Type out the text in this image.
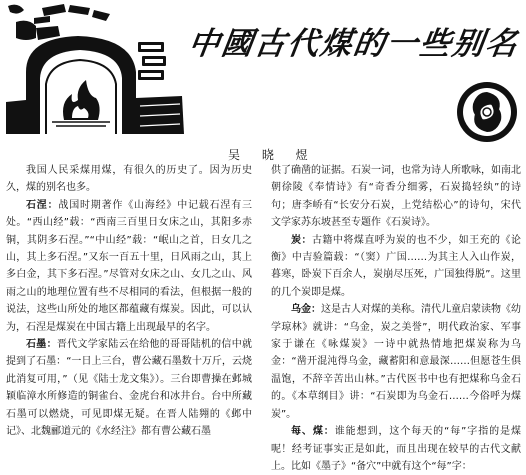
中國古代煤的一些别名
吴 晓 煜

我国人民采煤用煤，有很久的历史了。因为历史久，煤的别名也多。

石涅：战国时期著作《山海经》中记载石涅有三处。“西山经”载：“西南三百里日女床之山，其阳多赤铜，其阴多石涅。”“中山经”载：“岷山之首，日女几之山，其上多石涅。”又东一百五十里，日风雨之山，其上多白金，其下多石涅。”尽管对女床之山、女几之山、风雨之山的地理位置有些不尽相同的看法，但根据一般的说法，这些山所处的地区都蕴藏有煤炭。因此，可以认为，石涅是煤炭在中国古籍上出现最早的名字。

石墨：晋代文学家陆云在给他的哥哥陆机的信中就提到了石墨：“一日上三台，曹公藏石墨数十万斤，云烧此消复可用，”（见《陆士龙文集》）。三台即曹操在邺城颖临漳水所修造的铜雀台、金虎台和冰井台。台中所藏石墨可以燃烧，可见即煤无疑。在晋人陆翙的《邺中记》、北魏郦道元的《水经注》都有曹公藏石墨

供了确凿的证据。石炭一词，也常为诗人所歌咏，如南北朝徐陵《奉情诗》有“奇香分细雾，石炭捣轻纨”的诗句；唐李峤有“长安分石炭，上党结松心”的诗句，宋代文学家苏东坡甚至专题作《石炭诗》。

炭：古籍中将煤直呼为炭的也不少，如王充的《论衡》中吉验篇载：“（窦）广国……为其主人入山作炭，暮寒，卧炭下百余人，炭崩尽压死，广国独得脱”。这里的几个炭即是煤。

乌金：这是古人对煤的美称。清代儿童启蒙读物《幼学琼林》就讲：“乌金，炭之美誉”，明代政治家、军事家于谦在《咏煤炭》一诗中就热情地把煤炭称为乌金：“凿开混沌得乌金，藏蓄阳和意最深……但愿苍生俱温饱，不辞辛苦出山林。”古代医书中也有把煤称乌金石的。《本草纲目》讲：“石炭即为乌金石……今俗呼为煤炭”。

每、煤：谁能想到，这个每天的“每”字指的是煤呢！经考证事实正是如此，而且出现在较早的古代文献上。比如《墨子》“备穴”中就有这个“每”字：
